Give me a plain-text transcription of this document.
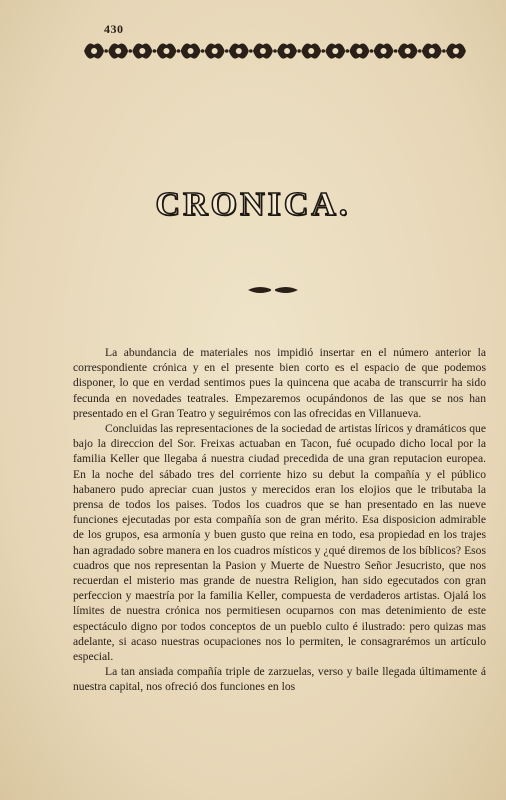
430
CRONICA.

La abundancia de materiales nos impidió insertar en el número anterior la correspondiente crónica y en el presente bien corto es el espacio de que podemos disponer, lo que en verdad sentimos pues la quincena que acaba de transcurrir ha sido fecunda en novedades teatrales. Empezaremos ocupándonos de las que se nos han presentado en el Gran Teatro y seguirémos con las ofrecidas en Villanueva.

Concluidas las representaciones de la sociedad de artistas líricos y dramáticos que bajo la direccion del Sor. Freixas actuaban en Tacon, fué ocupado dicho local por la familia Keller que llegaba á nuestra ciudad precedida de una gran reputacion europea. En la noche del sábado tres del corriente hizo su debut la compañía y el público habanero pudo apreciar cuan justos y merecidos eran los elojios que le tributaba la prensa de todos los paises. Todos los cuadros que se han presentado en las nueve funciones ejecutadas por esta compañía son de gran mérito. Esa disposicion admirable de los grupos, esa armonía y buen gusto que reina en todo, esa propiedad en los trajes han agradado sobre manera en los cuadros místicos y ¿qué diremos de los bíblicos? Esos cuadros que nos representan la Pasion y Muerte de Nuestro Señor Jesucristo, que nos recuerdan el misterio mas grande de nuestra Religion, han sido egecutados con gran perfeccion y maestría por la familia Keller, compuesta de verdaderos artistas. Ojalá los límites de nuestra crónica nos permitiesen ocuparnos con mas detenimiento de este espectáculo digno por todos conceptos de un pueblo culto é ilustrado: pero quizas mas adelante, si acaso nuestras ocupaciones nos lo permiten, le consagrarémos un artículo especial.

La tan ansiada compañía triple de zarzuelas, verso y baile llegada últimamente á nuestra capital, nos ofreció dos funciones en los
